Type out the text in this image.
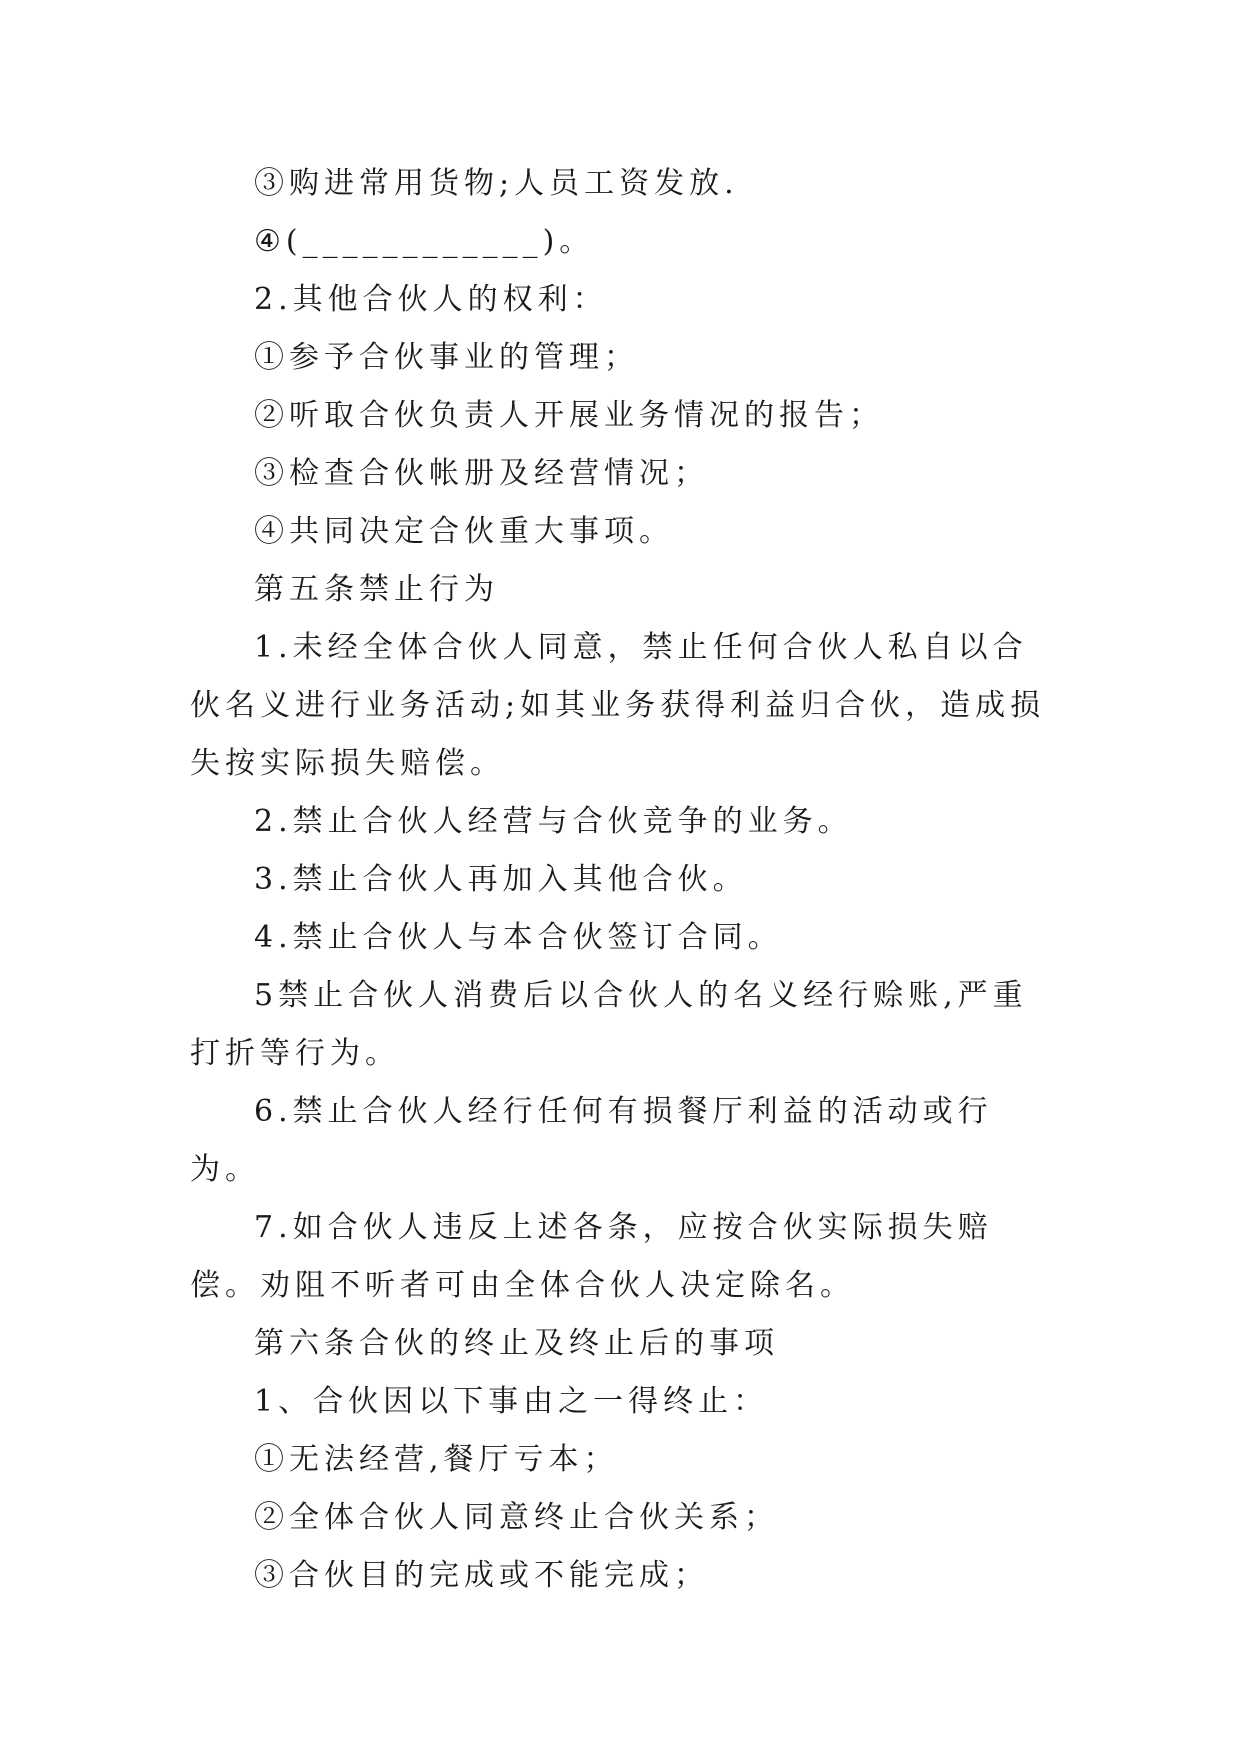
③购进常用货物;人员工资发放.

④(____________)。

2.其他合伙人的权利：

①参予合伙事业的管理；

②听取合伙负责人开展业务情况的报告；

③检查合伙帐册及经营情况；

④共同决定合伙重大事项。

第五条禁止行为

1.未经全体合伙人同意，禁止任何合伙人私自以合伙名义进行业务活动;如其业务获得利益归合伙，造成损失按实际损失赔偿。

2.禁止合伙人经营与合伙竞争的业务。

3.禁止合伙人再加入其他合伙。

4.禁止合伙人与本合伙签订合同。

5禁止合伙人消费后以合伙人的名义经行赊账,严重打折等行为。

6.禁止合伙人经行任何有损餐厅利益的活动或行为。

7.如合伙人违反上述各条，应按合伙实际损失赔偿。劝阻不听者可由全体合伙人决定除名。

第六条合伙的终止及终止后的事项

1、合伙因以下事由之一得终止：

①无法经营,餐厅亏本；

②全体合伙人同意终止合伙关系；

③合伙目的完成或不能完成；
